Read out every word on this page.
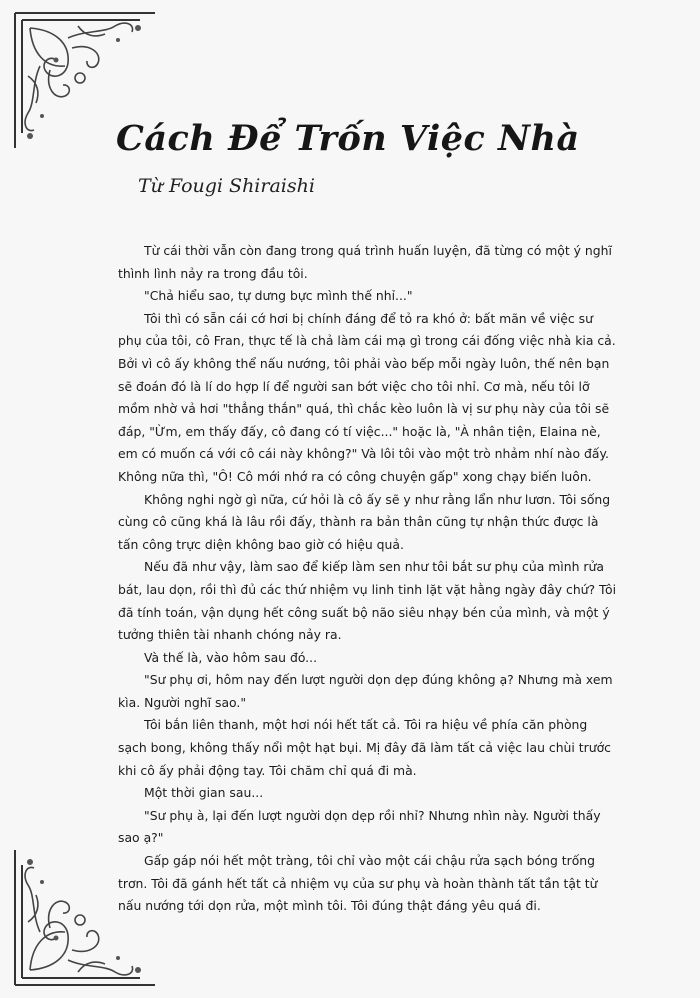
Cách Để Trốn Việc Nhà
Từ Fougi Shiraishi

Từ cái thời vẫn còn đang trong quá trình huấn luyện, đã từng có một ý nghĩ thình lình nảy ra trong đầu tôi.

"Chả hiểu sao, tự dưng bực mình thế nhỉ..."

Tôi thì có sẵn cái cớ hơi bị chính đáng để tỏ ra khó ở: bất mãn về việc sư phụ của tôi, cô Fran, thực tế là chả làm cái mạ gì trong cái đống việc nhà kia cả. Bởi vì cô ấy không thể nấu nướng, tôi phải vào bếp mỗi ngày luôn, thế nên bạn sẽ đoán đó là lí do hợp lí để người san bớt việc cho tôi nhỉ. Cơ mà, nếu tôi lỡ mồm nhờ vả hơi "thẳng thắn" quá, thì chắc kèo luôn là vị sư phụ này của tôi sẽ đáp, "Ừm, em thấy đấy, cô đang có tí việc..." hoặc là, "À nhân tiện, Elaina nè, em có muốn cá với cô cái này không?" Và lôi tôi vào một trò nhảm nhí nào đấy. Không nữa thì, "Ô! Cô mới nhớ ra có công chuyện gấp" xong chạy biến luôn.

Không nghi ngờ gì nữa, cứ hỏi là cô ấy sẽ y như rằng lẩn như lươn. Tôi sống cùng cô cũng khá là lâu rồi đấy, thành ra bản thân cũng tự nhận thức được là tấn công trực diện không bao giờ có hiệu quả.

Nếu đã như vậy, làm sao để kiếp làm sen như tôi bắt sư phụ của mình rửa bát, lau dọn, rồi thì đủ các thứ nhiệm vụ linh tinh lặt vặt hằng ngày đây chứ? Tôi đã tính toán, vận dụng hết công suất bộ não siêu nhạy bén của mình, và một ý tưởng thiên tài nhanh chóng nảy ra.

Và thế là, vào hôm sau đó...

"Sư phụ ơi, hôm nay đến lượt người dọn dẹp đúng không ạ? Nhưng mà xem kìa. Người nghĩ sao."

Tôi bắn liên thanh, một hơi nói hết tất cả. Tôi ra hiệu về phía căn phòng sạch bong, không thấy nổi một hạt bụi. Mị đây đã làm tất cả việc lau chùi trước khi cô ấy phải động tay. Tôi chăm chỉ quá đi mà.

Một thời gian sau...

"Sư phụ à, lại đến lượt người dọn dẹp rồi nhỉ? Nhưng nhìn này. Người thấy sao ạ?"

Gấp gáp nói hết một tràng, tôi chỉ vào một cái chậu rửa sạch bóng trống trơn. Tôi đã gánh hết tất cả nhiệm vụ của sư phụ và hoàn thành tất tần tật từ nấu nướng tới dọn rửa, một mình tôi. Tôi đúng thật đáng yêu quá đi.
